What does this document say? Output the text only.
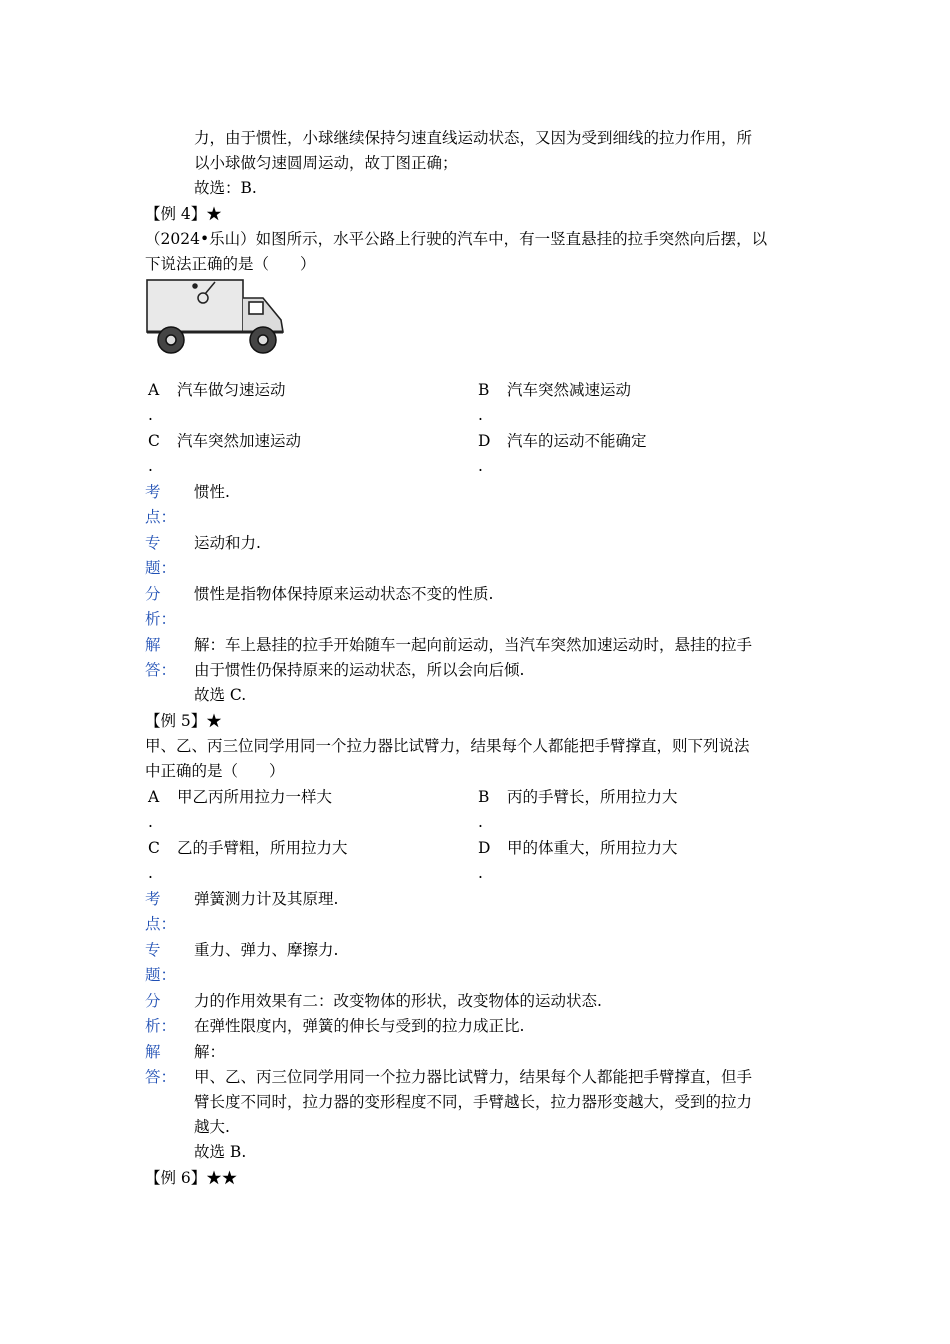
力，由于惯性，小球继续保持匀速直线运动状态，又因为受到细线的拉力作用，所
以小球做匀速圆周运动，故丁图正确；
故选：B.
【例 4】★
（2024•乐山）如图所示，水平公路上行驶的汽车中，有一竖直悬挂的拉手突然向后摆，以
下说法正确的是（　　）
A
.
汽车做匀速运动	B
.
汽车突然减速运动
C
.
汽车突然加速运动	D
.
汽车的运动不能确定
考
点：
惯性.
专
题：
运动和力.
分
析：
惯性是指物体保持原来运动状态不变的性质.
解
答：
解：车上悬挂的拉手开始随车一起向前运动，当汽车突然加速运动时，悬挂的拉手
由于惯性仍保持原来的运动状态，所以会向后倾.
故选 C.
【例 5】★
甲、乙、丙三位同学用同一个拉力器比试臂力，结果每个人都能把手臂撑直，则下列说法
中正确的是（　　）
A
.
甲乙丙所用拉力一样大	B
.
丙的手臂长，所用拉力大
C
.
乙的手臂粗，所用拉力大	D
.
甲的体重大，所用拉力大
考
点：
弹簧测力计及其原理.
专
题：
重力、弹力、摩擦力.
分
析：
力的作用效果有二：改变物体的形状，改变物体的运动状态.
在弹性限度内，弹簧的伸长与受到的拉力成正比.
解
答：
解：
甲、乙、丙三位同学用同一个拉力器比试臂力，结果每个人都能把手臂撑直，但手
臂长度不同时，拉力器的变形程度不同，手臂越长，拉力器形变越大，受到的拉力
越大.
故选 B.
【例 6】★★
